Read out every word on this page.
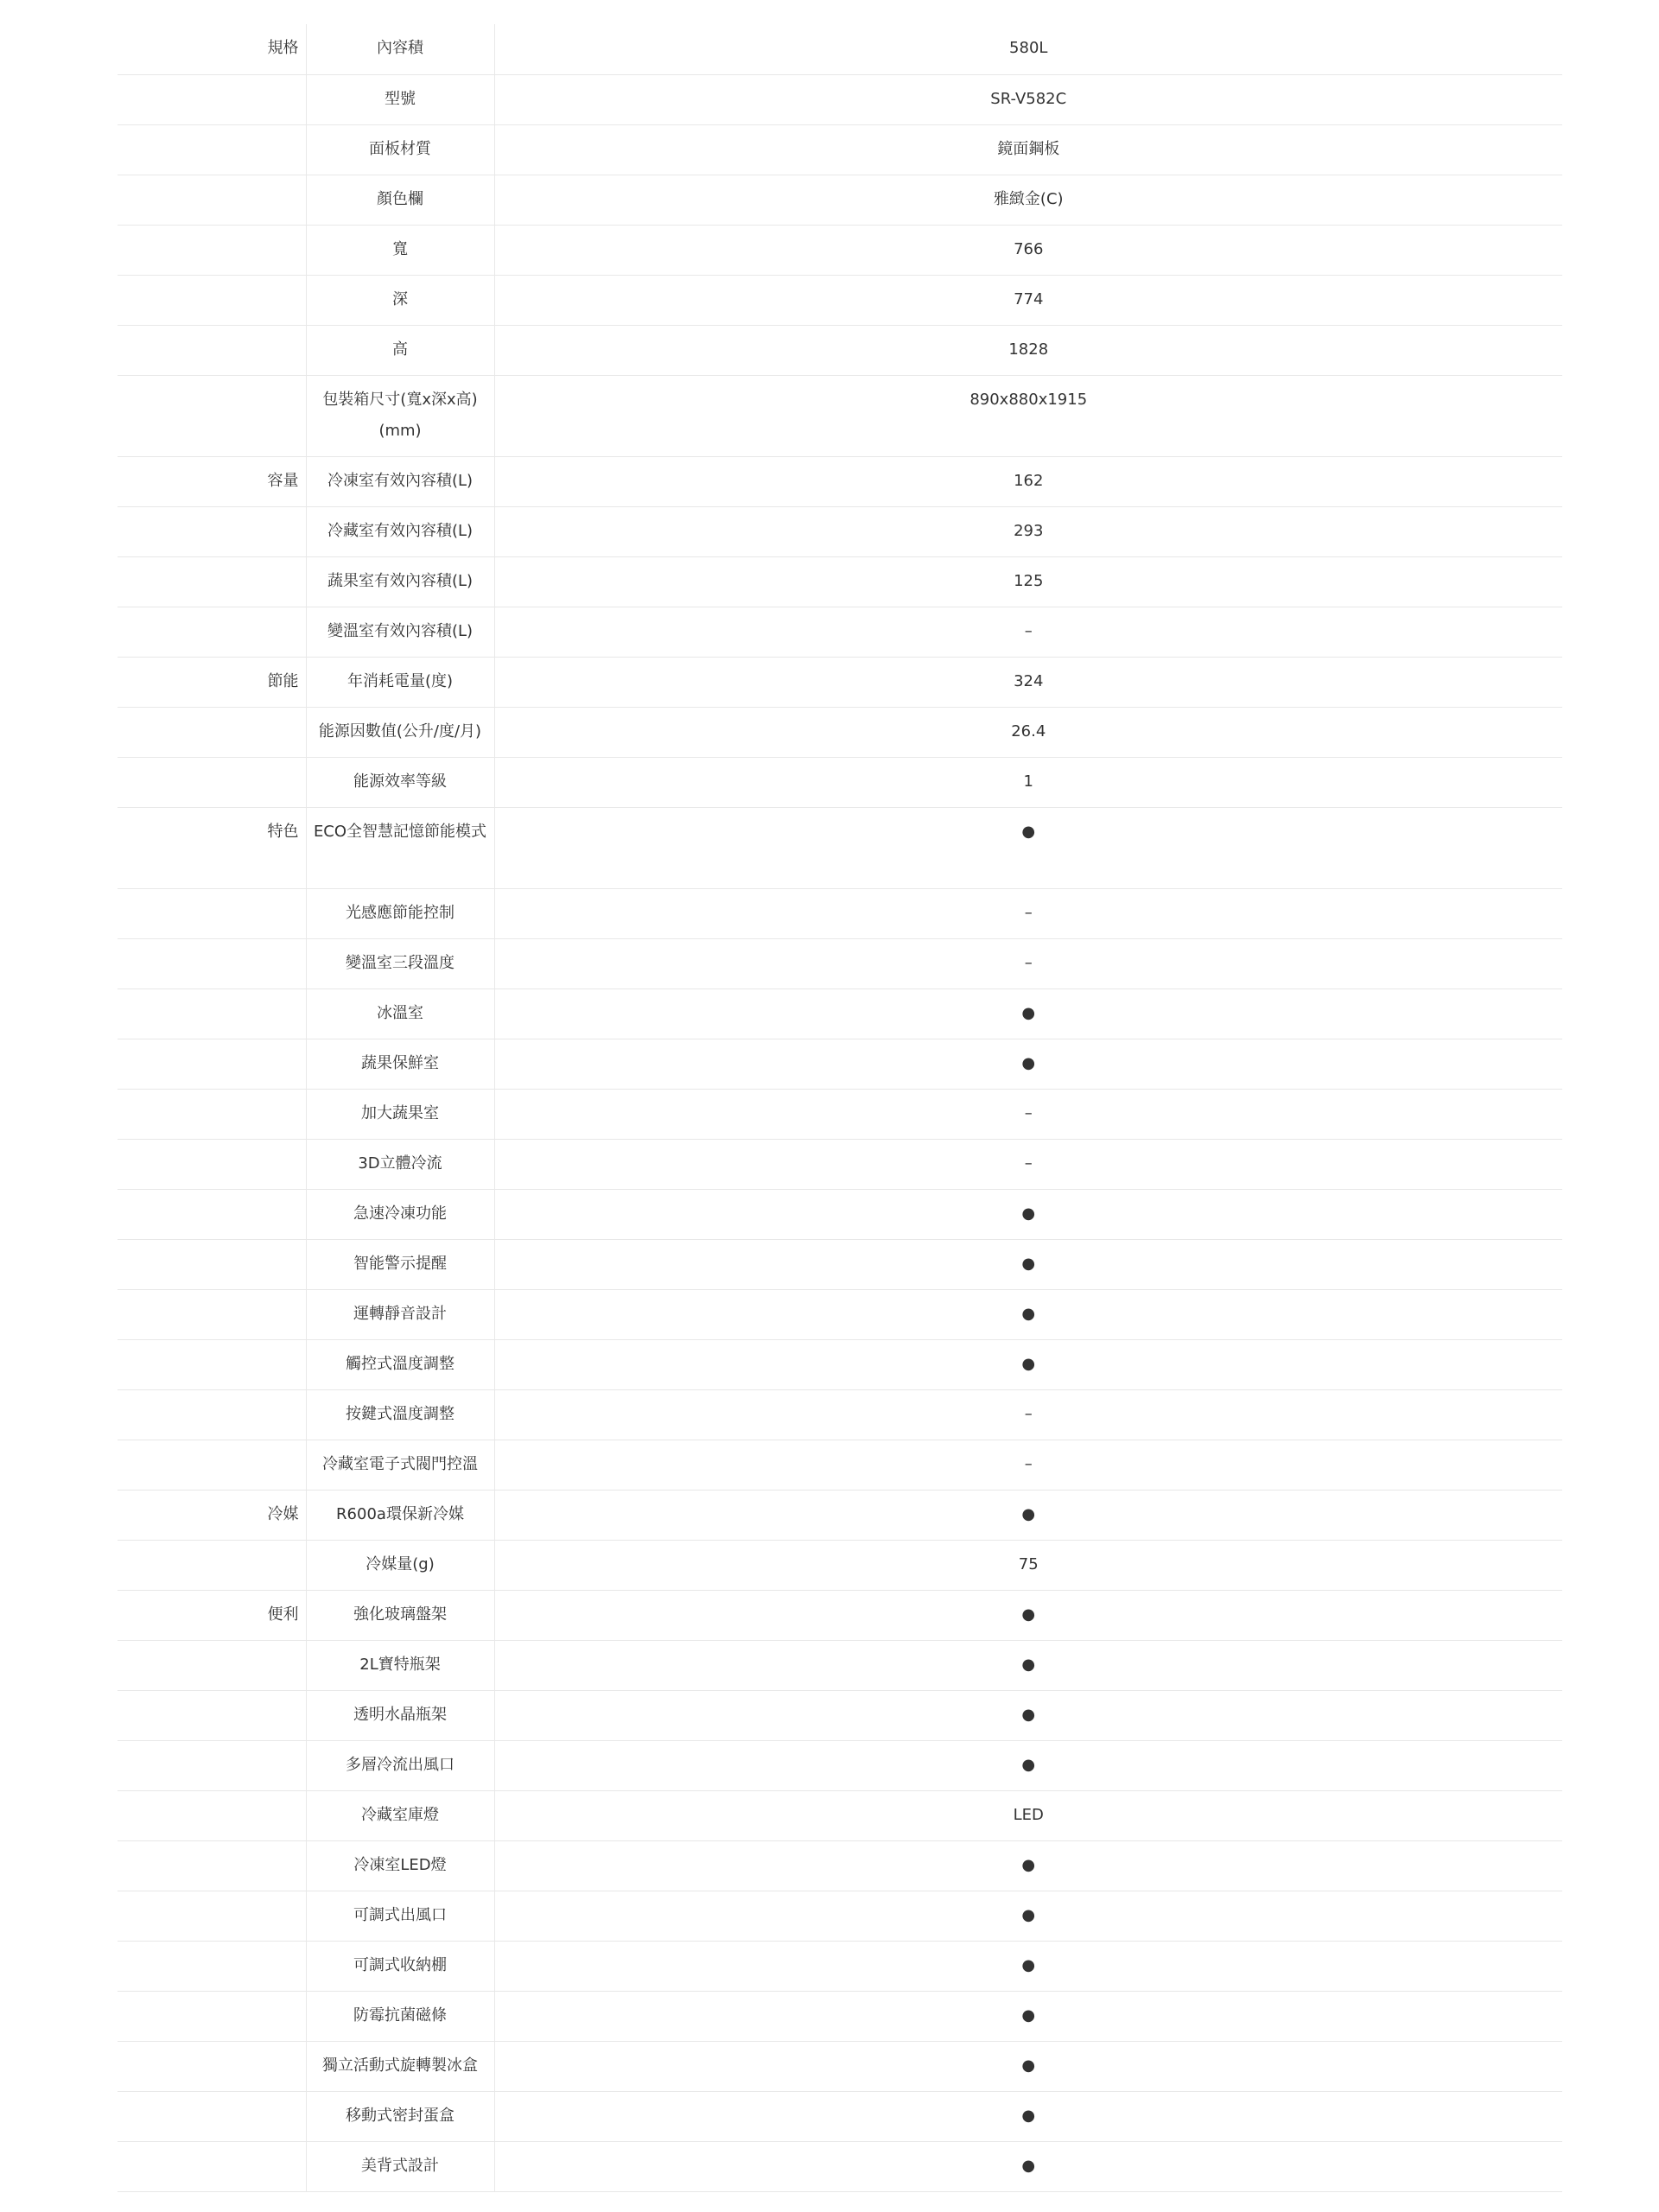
規格	內容積	580L
	型號	SR-V582C
	面板材質	鏡面鋼板
	顏色欄	雅緻金(C)
	寬	766
	深	774
	高	1828
	包裝箱尺寸(寬x深x高)(mm)	890x880x1915
容量	冷凍室有效內容積(L)	162
	冷藏室有效內容積(L)	293
	蔬果室有效內容積(L)	125
	變溫室有效內容積(L)	–
節能	年消耗電量(度)	324
	能源因數值(公升/度/月)	26.4
	能源效率等級	1
特色	ECO全智慧記憶節能模式	●
	光感應節能控制	–
	變溫室三段溫度	–
	冰溫室	●
	蔬果保鮮室	●
	加大蔬果室	–
	3D立體冷流	–
	急速冷凍功能	●
	智能警示提醒	●
	運轉靜音設計	●
	觸控式溫度調整	●
	按鍵式溫度調整	–
	冷藏室電子式閥門控溫	–
冷媒	R600a環保新冷媒	●
	冷媒量(g)	75
便利	強化玻璃盤架	●
	2L寶特瓶架	●
	透明水晶瓶架	●
	多層冷流出風口	●
	冷藏室庫燈	LED
	冷凍室LED燈	●
	可調式出風口	●
	可調式收納棚	●
	防霉抗菌磁條	●
	獨立活動式旋轉製冰盒	●
	移動式密封蛋盒	●
	美背式設計	●
